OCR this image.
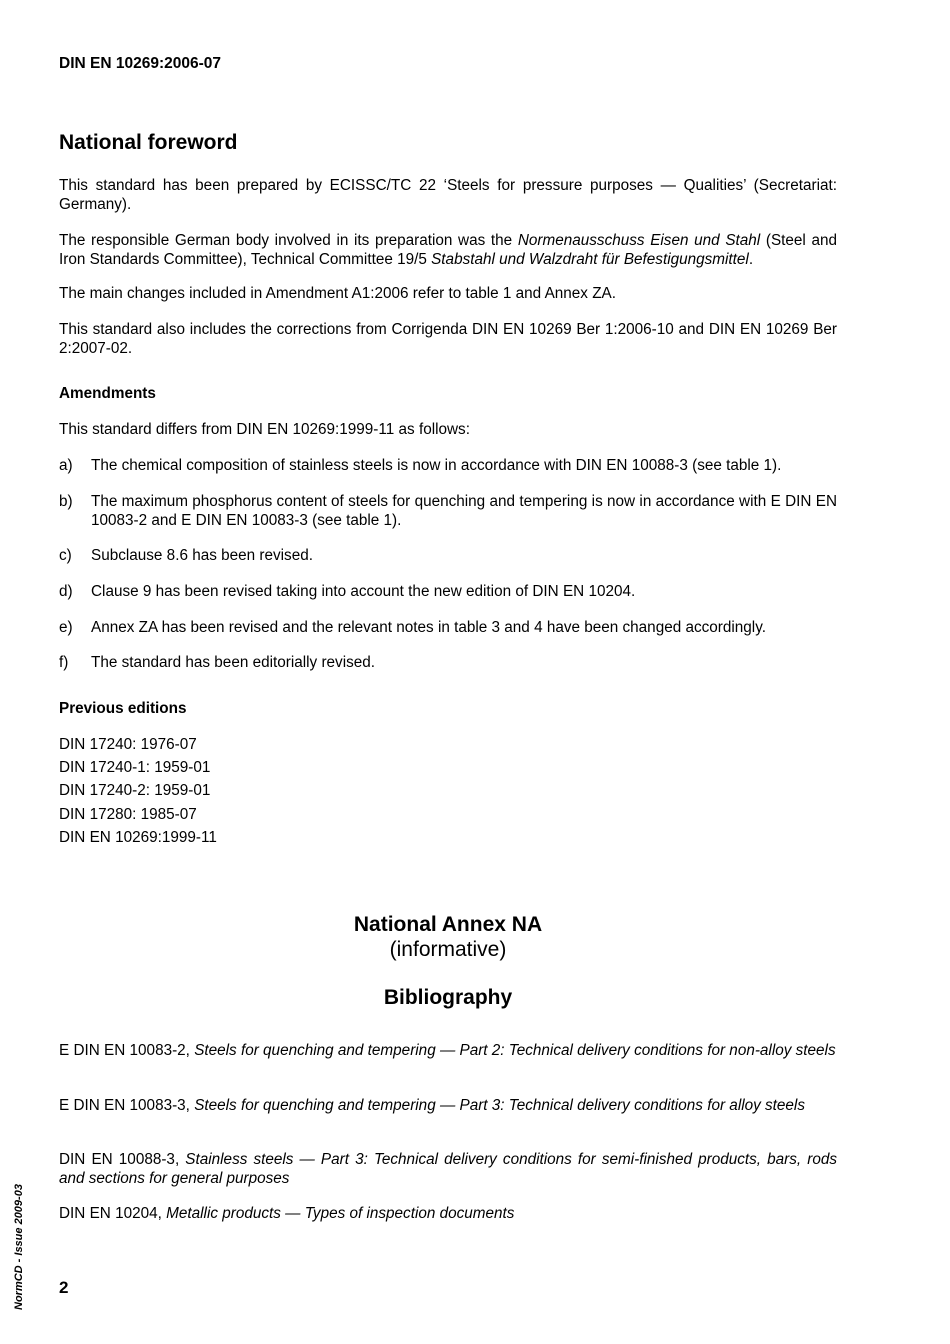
DIN EN 10269:2006-07
National foreword

This standard has been prepared by ECISSC/TC 22 ‘Steels for pressure purposes — Qualities’ (Secretariat: Germany).

The responsible German body involved in its preparation was the Normenausschuss Eisen und Stahl (Steel and Iron Standards Committee), Technical Committee 19/5 Stabstahl und Walzdraht für Befestigungsmittel.

The main changes included in Amendment A1:2006 refer to table 1 and Annex ZA.

This standard also includes the corrections from Corrigenda DIN EN 10269 Ber 1:2006-10 and DIN EN 10269 Ber 2:2007-02.

Amendments

This standard differs from DIN EN 10269:1999-11 as follows:

a) The chemical composition of stainless steels is now in accordance with DIN EN 10088-3 (see table 1).
b) The maximum phosphorus content of steels for quenching and tempering is now in accordance with E DIN EN 10083-2 and E DIN EN 10083-3 (see table 1).
c) Subclause 8.6 has been revised.
d) Clause 9 has been revised taking into account the new edition of DIN EN 10204.
e) Annex ZA has been revised and the relevant notes in table 3 and 4 have been changed accordingly.
f) The standard has been editorially revised.
Previous editions
DIN 17240: 1976-07
DIN 17240-1: 1959-01
DIN 17240-2: 1959-01
DIN 17280: 1985-07
DIN EN 10269:1999-11
National Annex NA
(informative)
Bibliography
E DIN EN 10083-2, Steels for quenching and tempering — Part 2: Technical delivery conditions for non-alloy steels
E DIN EN 10083-3, Steels for quenching and tempering — Part 3: Technical delivery conditions for alloy steels
DIN EN 10088-3, Stainless steels — Part 3: Technical delivery conditions for semi-finished products, bars, rods and sections for general purposes
DIN EN 10204, Metallic products — Types of inspection documents
NormCD - Issue 2009-03 2
